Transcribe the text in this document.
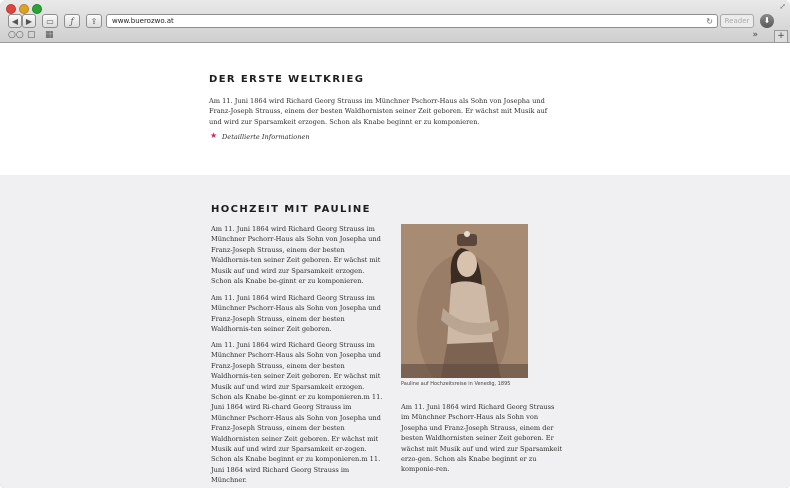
⤢
◀ ▶	▭	ƒ	⇪	www.buerozwo.at	↻	Reader	⬇
○○ ▢ ▦	»	+
DER ERSTE WELTKRIEG

Am 11. Juni 1864 wird Richard Georg Strauss im Münchner Pschorr-Haus als Sohn von Josepha und Franz-Joseph Strauss, einem der besten Waldhornisten seiner Zeit geboren. Er wächst mit Musik auf und wird zur Sparsamkeit erzogen. Schon als Knabe beginnt er zu komponieren.

★ Detaillierte Informationen
HOCHZEIT MIT PAULINE

Am 11. Juni 1864 wird Richard Georg Strauss im Münchner Pschorr-Haus als Sohn von Josepha und Franz-Joseph Strauss, einem der besten Waldhornis-ten seiner Zeit geboren. Er wächst mit Musik auf und wird zur Sparsamkeit erzogen. Schon als Knabe be-ginnt er zu komponieren.

Am 11. Juni 1864 wird Richard Georg Strauss im Münchner Pschorr-Haus als Sohn von Josepha und Franz-Joseph Strauss, einem der besten Waldhornis-ten seiner Zeit geboren.

Am 11. Juni 1864 wird Richard Georg Strauss im Münchner Pschorr-Haus als Sohn von Josepha und Franz-Joseph Strauss, einem der besten Waldhornis-ten seiner Zeit geboren. Er wächst mit Musik auf und wird zur Sparsamkeit erzogen. Schon als Knabe be-ginnt er zu komponieren.m 11. Juni 1864 wird Ri-chard Georg Strauss im Münchner Pschorr-Haus als Sohn von Josepha und Franz-Joseph Strauss, einem der besten Waldhornisten seiner Zeit geboren. Er wächst mit Musik auf und wird zur Sparsamkeit er-zogen. Schon als Knabe beginnt er zu komponieren.m 11. Juni 1864 wird Richard Georg Strauss im Münchner.

Pauline auf Hochzeitsreise in Venedig, 1895

Am 11. Juni 1864 wird Richard Georg Strauss im Münchner Pschorr-Haus als Sohn von Josepha und Franz-Joseph Strauss, einem der besten Waldhornisten seiner Zeit geboren. Er wächst mit Musik auf und wird zur Sparsamkeit erzo-gen. Schon als Knabe beginnt er zu komponie-ren.
